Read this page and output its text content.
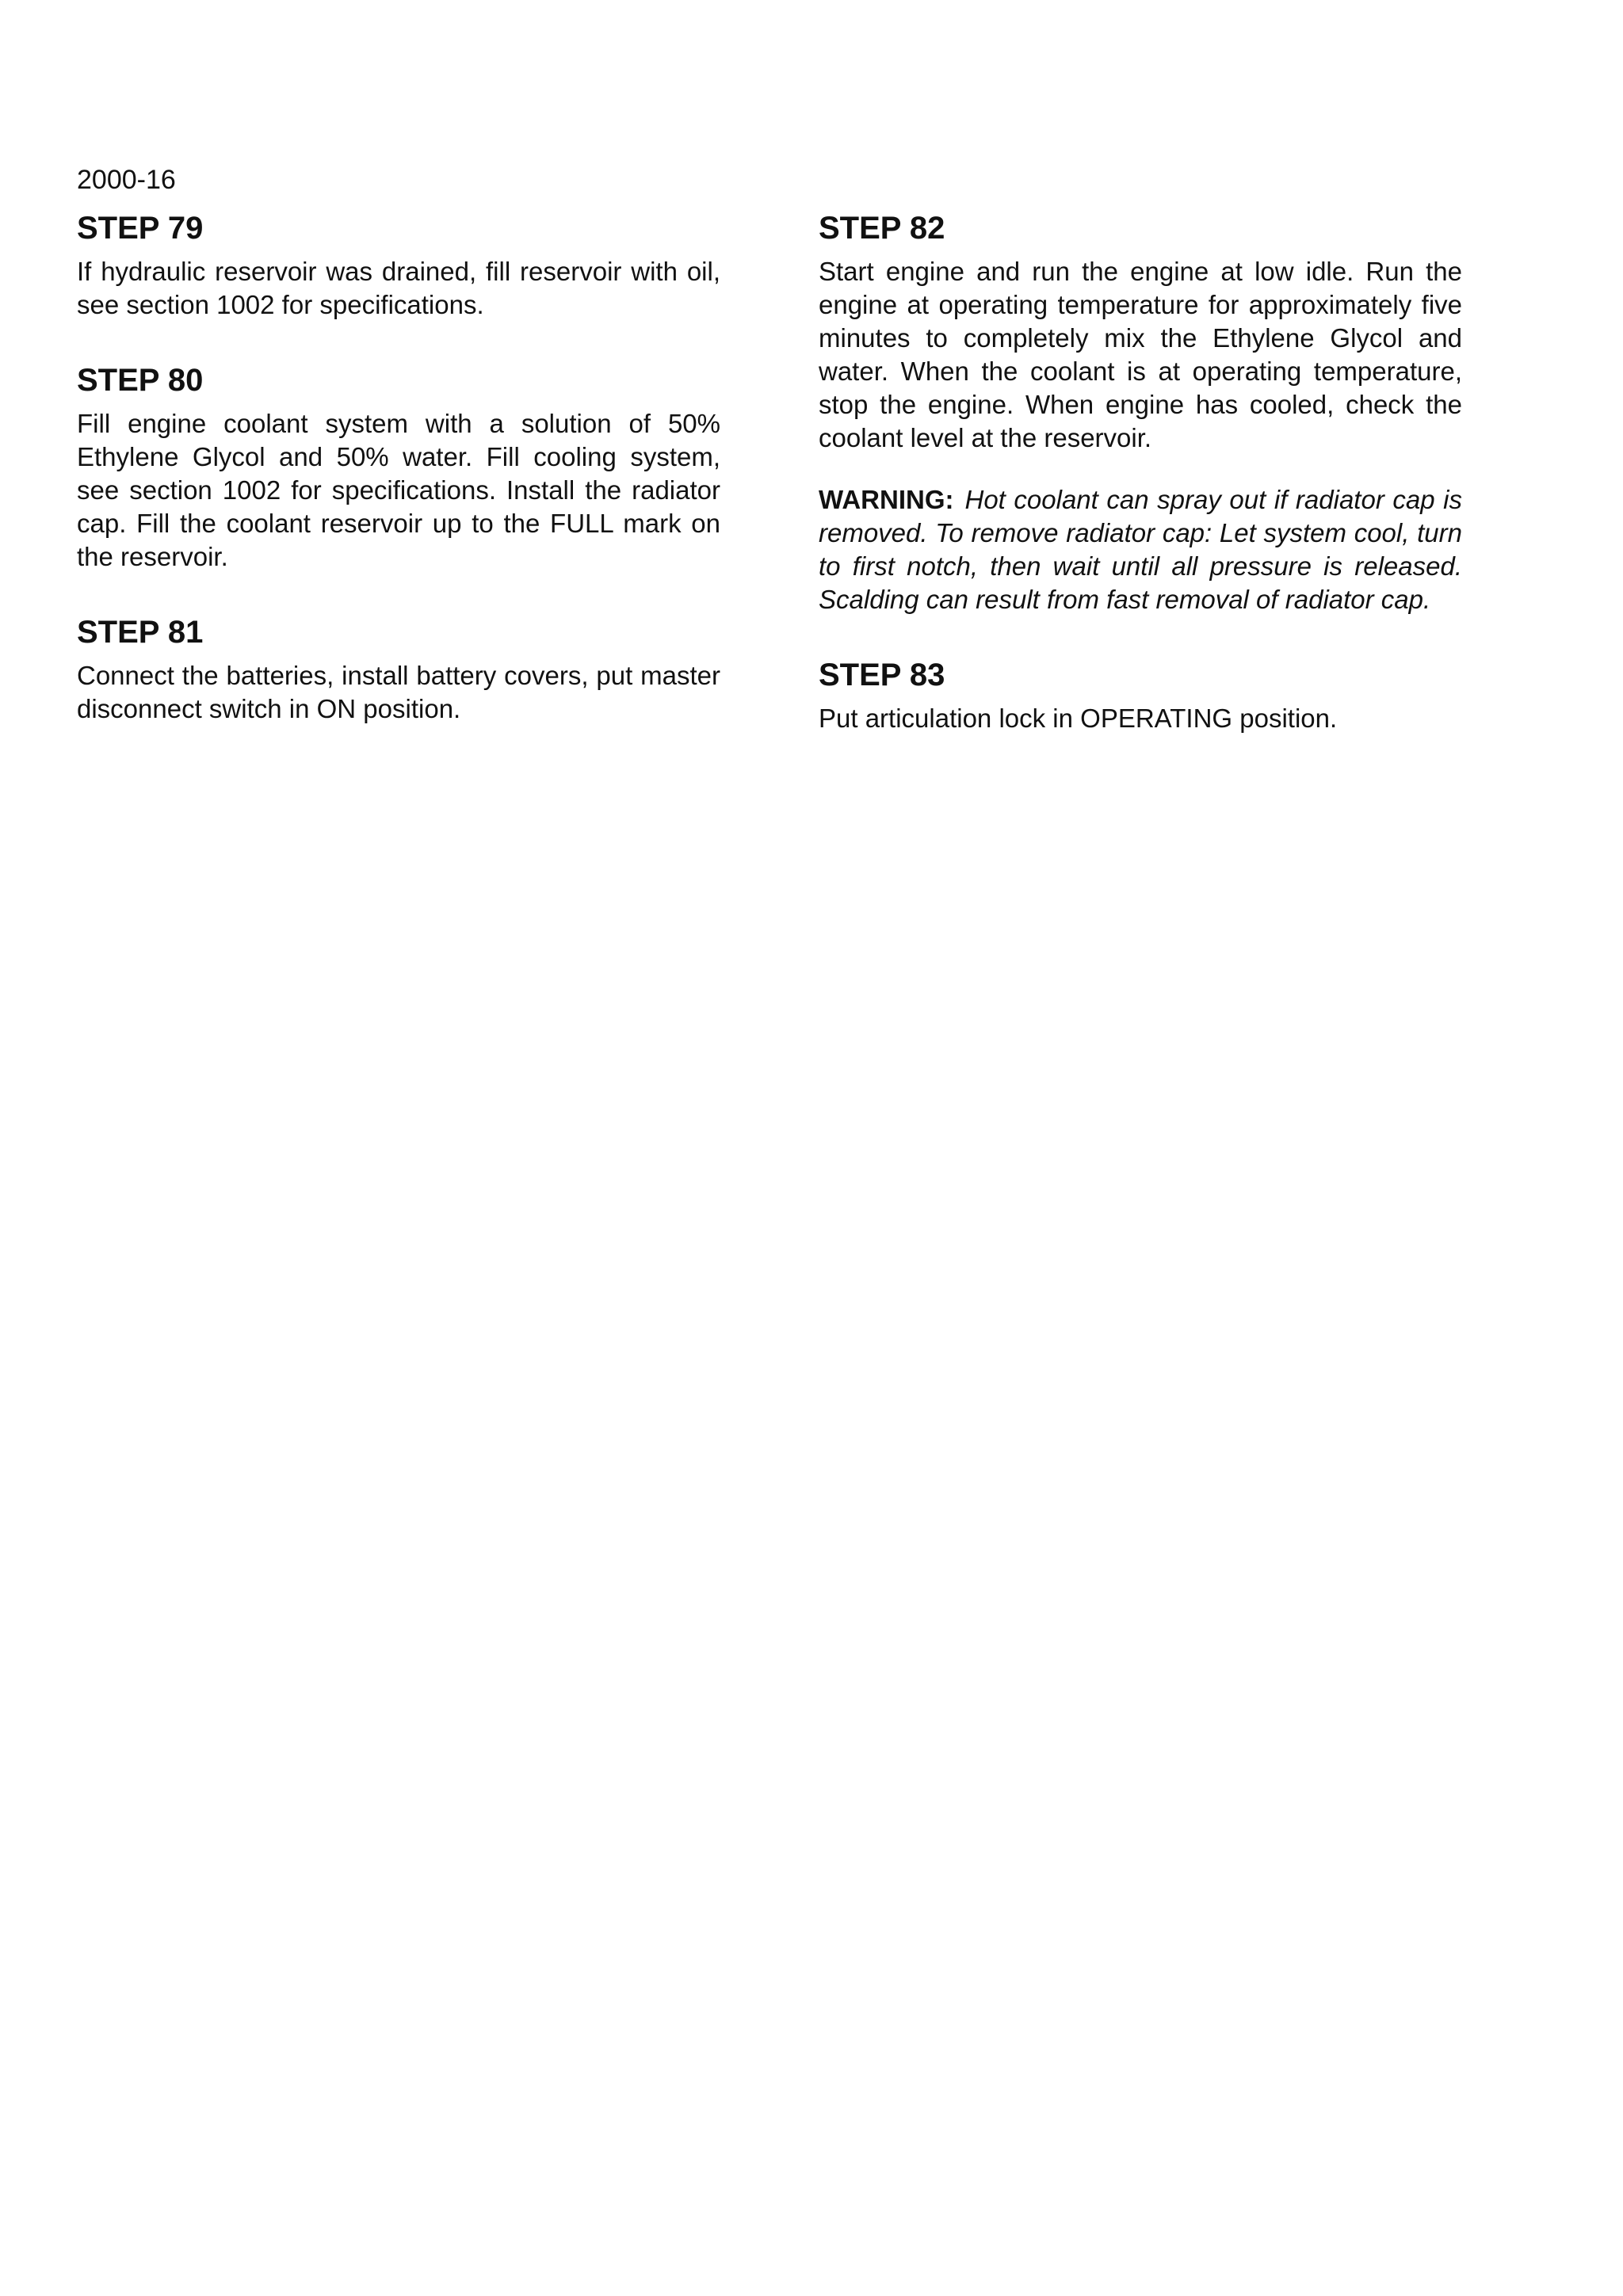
2000-16
STEP 79

If hydraulic reservoir was drained, fill reservoir with oil, see section 1002 for specifications.

STEP 80

Fill engine coolant system with a solution of 50% Ethylene Glycol and 50% water. Fill cooling system, see section 1002 for specifications. Install the radiator cap. Fill the coolant reservoir up to the FULL mark on the reservoir.

STEP 81

Connect the batteries, install battery covers, put master disconnect switch in ON position.

STEP 82

Start engine and run the engine at low idle. Run the engine at operating temperature for approximately five minutes to completely mix the Ethylene Glycol and water. When the coolant is at operating temperature, stop the engine. When engine has cooled, check the coolant level at the reservoir.

WARNING: Hot coolant can spray out if radiator cap is removed. To remove radiator cap: Let system cool, turn to first notch, then wait until all pressure is released. Scalding can result from fast removal of radiator cap.

STEP 83

Put articulation lock in OPERATING position.
